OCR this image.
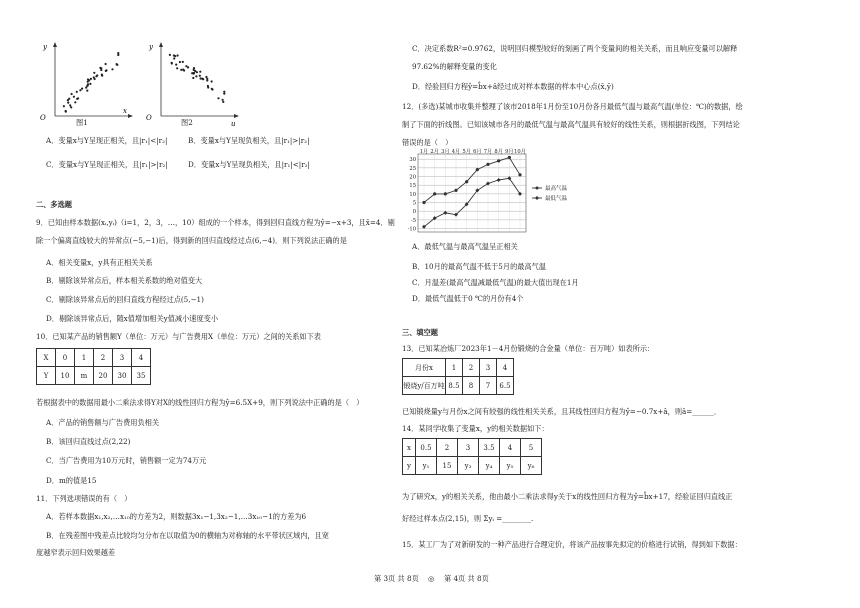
y
x
O
y
u
O
图1	图2
A．变量x与Y呈现正相关，且|r₁|<|r₂|	B．变量x与Y呈现负相关，且|r₁|>|r₂|
C．变量x与Y呈现正相关，且|r₁|>|r₂|	D．变量x与Y呈现负相关，且|r₁|<|r₂|
二、多选题
9．已知由样本数据(xᵢ,yᵢ)（i=1，2，3，…，10）组成的一个样本，得到回归直线方程为ŷ=−x+3，且x̄=4．剔
除一个偏离直线较大的异常点(−5,−1)后，得到新的回归直线经过点(6,−4)．则下列说法正确的是
A．相关变量x，y具有正相关关系
B．剔除该异常点后，样本相关系数的绝对值变大
C．剔除该异常点后的回归直线方程经过点(5,−1)
D．剔除该异常点后，随x值增加相关y值减小速度变小
10．已知某产品的销售额Y（单位：万元）与广告费用X（单位：万元）之间的关系如下表
X	0	1	2	3	4
Y	10	m	20	30	35
若根据表中的数据用最小二乘法求得Y对X的线性回归方程为ŷ=6.5X+9，则下列说法中正确的是（　）
A．产品的销售额与广告费用负相关
B．该回归直线过点(2,22)
C．当广告费用为10万元时，销售额一定为74万元
D．m的值是15
11．下列选项错误的有（　）
A．若样本数据x₁,x₂,…x₁₀的方差为2，则数据3x₁−1,3x₂−1,…3x₁₀−1的方差为6
B．在残差图中残差点比较均匀分布在以取值为0的横轴为对称轴的水平带状区域内，且宽
度越窄表示回归效果越差
C．决定系数R²=0.9762，说明回归模型较好的刻画了两个变量间的相关关系，而且响应变量可以解释
97.62%的解释变量的变化
D．经验回归方程ŷ=b̂x+â经过成对样本数据的样本中心点(x̄,ȳ)
12．(多选)某城市收集并整理了该市2018年1月份至10月份各月最低气温与最高气温(单位：℃)的数据，绘
制了下面的折线图。已知该城市各月的最低气温与最高气温具有较好的线性关系，则根据折线图，下列结论
错误的是（　）
30
25
20
15
10
5
0
-5
-10
1月 2月 3月 4月 5月 6月 7月 8月 9月 10月
最高气温
最低气温
A．最低气温与最高气温呈正相关
B．10月的最高气温不低于5月的最高气温
C．月温差(最高气温减最低气温)的最大值出现在1月
D．最低气温低于0 ℃的月份有4个
三、填空题
13．已知某冶炼厂2023年1－4月份锻烧的合金量（单位：百万吨）如表所示：
月份x	1	2	3	4
锻烧y/百万吨	8.5	8	7	6.5
已知锻烧量y与月份x之间有较强的线性相关关系，且其线性回归方程为ŷ=−0.7x+â，则â=______．
14．某同学收集了变量x，y的相关数据如下：
x	0.5	2	3	3.5	4	5
y	y₁	15	y₃	y₄	y₅	y₆
为了研究x，y的相关关系，他由最小二乘法求得y关于x的线性回归方程为ŷ=b̂x+17，经验证回归直线正
好经过样本点(2,15)，则 Σyᵢ =________.
15．某工厂为了对新研发的一种产品进行合理定价，将该产品按事先拟定的价格进行试销，得到如下数据：
第 3页 共 8页 ◎ 第 4页 共 8页
